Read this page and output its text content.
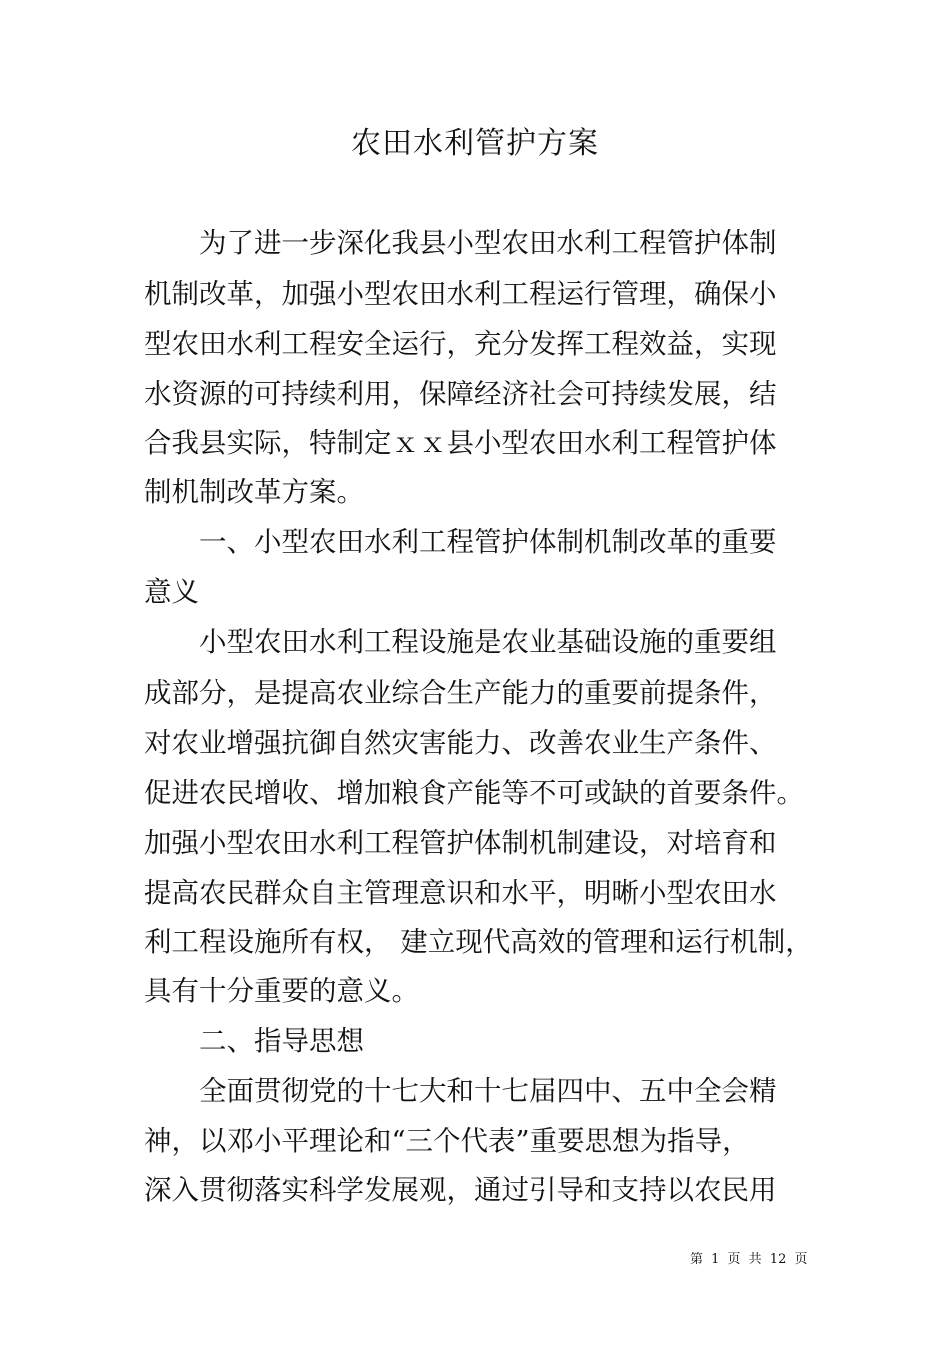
农田水利管护方案

　　为了进一步深化我县小型农田水利工程管护体制

机制改革，加强小型农田水利工程运行管理，确保小

型农田水利工程安全运行，充分发挥工程效益，实现

水资源的可持续利用，保障经济社会可持续发展，结

合我县实际，特制定ｘｘ县小型农田水利工程管护体

制机制改革方案。

　　一、小型农田水利工程管护体制机制改革的重要

意义

　　小型农田水利工程设施是农业基础设施的重要组

成部分，是提高农业综合生产能力的重要前提条件，

对农业增强抗御自然灾害能力、改善农业生产条件、

促进农民增收、增加粮食产能等不可或缺的首要条件。

加强小型农田水利工程管护体制机制建设，对培育和

提高农民群众自主管理意识和水平，明晰小型农田水

利工程设施所有权， 建立现代高效的管理和运行机制，

具有十分重要的意义。

　　二、指导思想

　　全面贯彻党的十七大和十七届四中、五中全会精

神，以邓小平理论和“三个代表”重要思想为指导，

深入贯彻落实科学发展观，通过引导和支持以农民用

第 1 页 共 12 页
